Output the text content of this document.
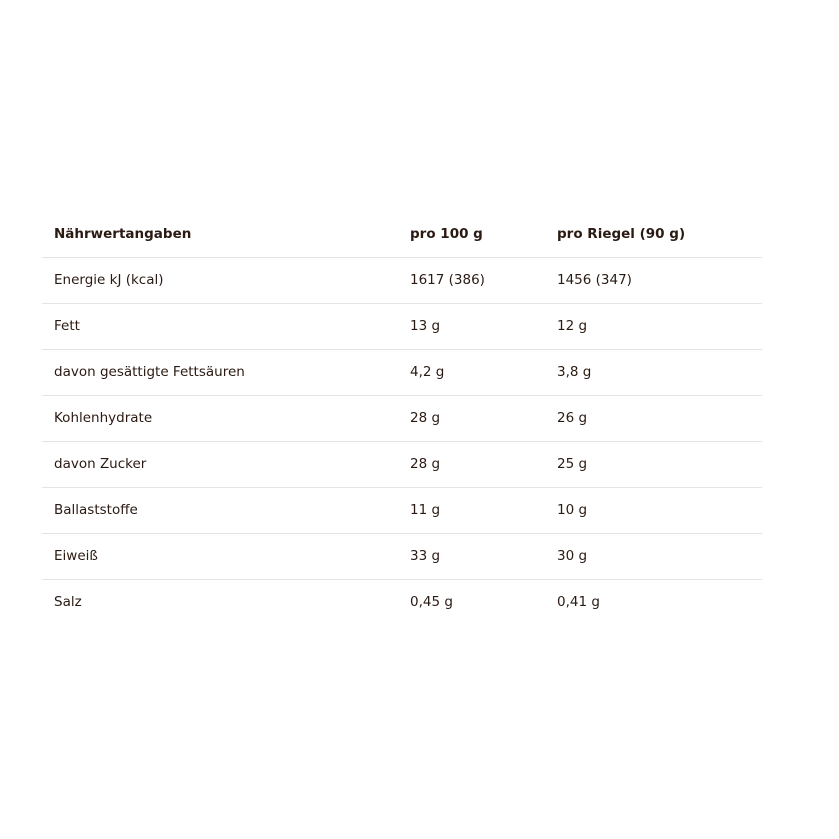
Nährwertangaben	pro 100 g	pro Riegel (90 g)
Energie kJ (kcal)	1617 (386)	1456 (347)
Fett	13 g	12 g
davon gesättigte Fettsäuren	4,2 g	3,8 g
Kohlenhydrate	28 g	26 g
davon Zucker	28 g	25 g
Ballaststoffe	11 g	10 g
Eiweiß	33 g	30 g
Salz	0,45 g	0,41 g
